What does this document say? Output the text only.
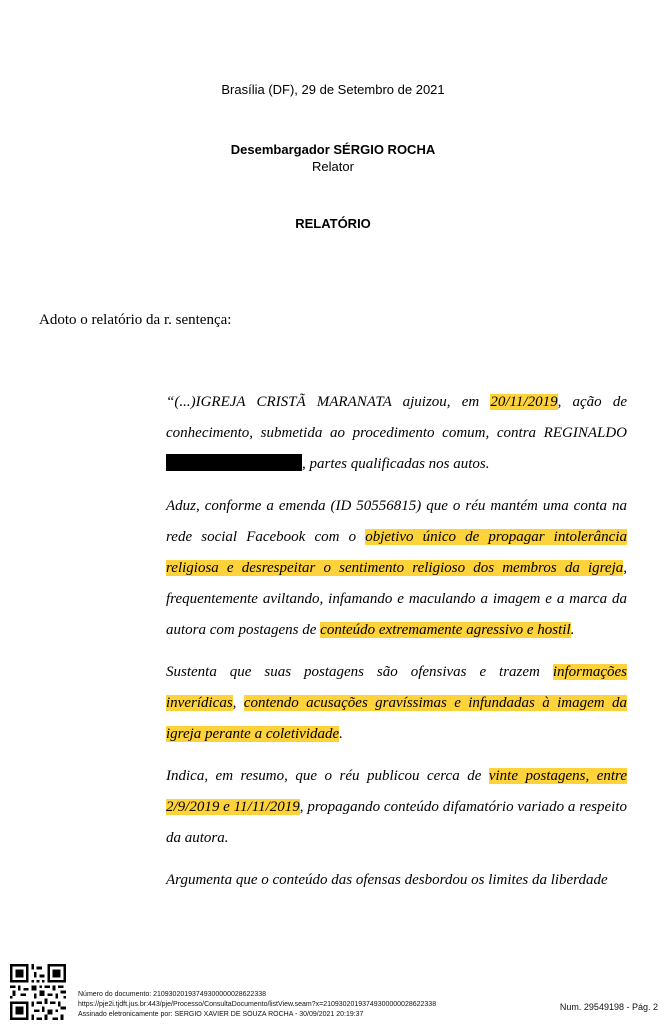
Brasília (DF), 29 de Setembro de 2021
Desembargador SÉRGIO ROCHA
Relator
RELATÓRIO
Adoto o relatório da r. sentença:

“(...)IGREJA CRISTÃ MARANATA ajuizou, em 20/11/2019, ação de conhecimento, submetida ao procedimento comum, contra REGINALDO , partes qualificadas nos autos.

Aduz, conforme a emenda (ID 50556815) que o réu mantém uma conta na rede social Facebook com o objetivo único de propagar intolerância religiosa e desrespeitar o sentimento religioso dos membros da igreja, frequentemente aviltando, infamando e maculando a imagem e a marca da autora com postagens de conteúdo extremamente agressivo e hostil.

Sustenta que suas postagens são ofensivas e trazem informações inverídicas, contendo acusações gravíssimas e infundadas à imagem da igreja perante a coletividade.

Indica, em resumo, que o réu publicou cerca de vinte postagens, entre 2/9/2019 e 11/11/2019, propagando conteúdo difamatório variado a respeito da autora.

Argumenta que o conteúdo das ofensas desbordou os limites da liberdade

Número do documento: 21093020193749300000028622338
https://pje2i.tjdft.jus.br:443/pje/Processo/ConsultaDocumento/listView.seam?x=21093020193749300000028622338
Assinado eletronicamente por: SERGIO XAVIER DE SOUZA ROCHA - 30/09/2021 20:19:37
Num. 29549198 - Pág. 2
